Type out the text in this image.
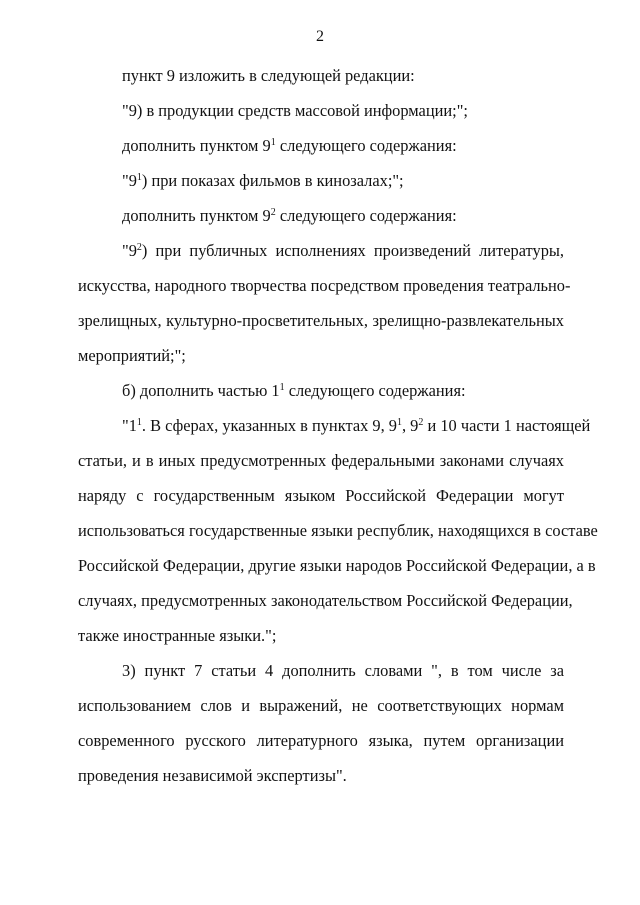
2
пункт 9 изложить в следующей редакции:
"9) в продукции средств массовой информации;";
дополнить пунктом $9^1$ следующего содержания:
"$9^1$) при показах фильмов в кинозалах;";
дополнить пунктом $9^2$ следующего содержания:
"$9^2$) при публичных исполнениях произведений литературы,
искусства, народного творчества посредством проведения театрально-
зрелищных, культурно-просветительных, зрелищно-развлекательных
мероприятий;";
б) дополнить частью $1^1$ следующего содержания:
"$1^1$. В сферах, указанных в пунктах 9, $9^1$, $9^2$ и 10 части 1 настоящей
статьи, и в иных предусмотренных федеральными законами случаях
наряду с государственным языком Российской Федерации могут
использоваться государственные языки республик, находящихся в составе
Российской Федерации, другие языки народов Российской Федерации, а в
случаях, предусмотренных законодательством Российской Федерации,
также иностранные языки.";
3) пункт 7 статьи 4 дополнить словами ", в том числе за
использованием слов и выражений, не соответствующих нормам
современного русского литературного языка, путем организации
проведения независимой экспертизы".
